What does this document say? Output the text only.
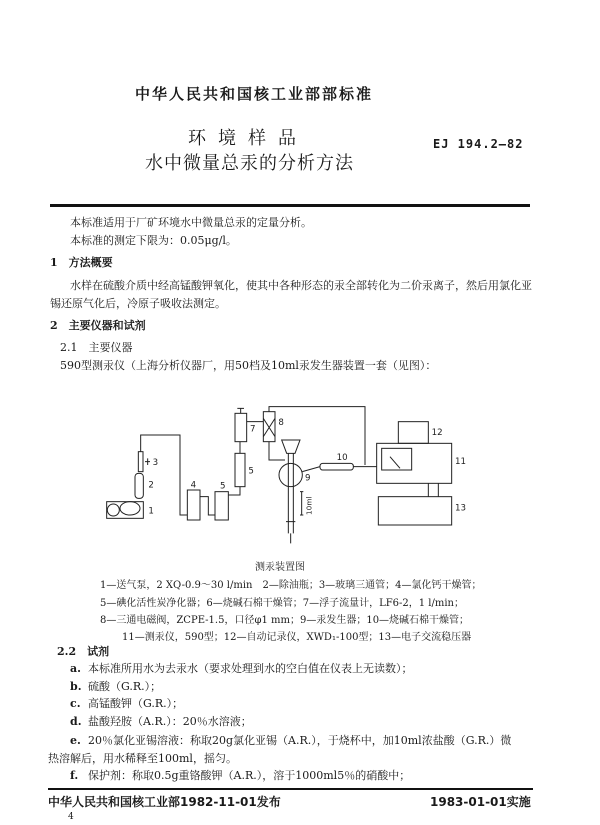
中华人民共和国核工业部部标准
环境样品
水中微量总汞的分析方法
EJ 194.2—82
本标准适用于厂矿环境水中微量总汞的定量分析。
本标准的测定下限为：0.05μg/l。
1　方法概要
水样在硫酸介质中经高锰酸钾氧化，使其中各种形态的汞全部转化为二价汞离子，然后用氯化亚
锡还原气化后，冷原子吸收法测定。
2　主要仪器和试剂
2.1　主要仪器
590型测汞仪（上海分析仪器厂，用50档及10ml汞发生器装置一套（见图）：
1
2
3
4 5
5
7
8
9
10	11
12
13
10ml
测汞装置图
1—送气泵，2 XQ-0.9～30 l/min　2—除油瓶；3—玻璃三通管；4—氯化钙干燥管；
5—碘化活性炭净化器；6—烧碱石棉干燥管；7—浮子流量计，LF6-2，1 l/min；
8—三通电磁阀，ZCPE-1.5，口径φ1 mm；9—汞发生器；10—烧碱石棉干燥管；
11—测汞仪，590型；12—自动记录仪，XWD₁-100型；13—电子交流稳压器
2.2　试剂
a. 本标准所用水为去汞水（要求处理到水的空白值在仪表上无读数）；
b. 硫酸（G.R.）；
c. 高锰酸钾（G.R.）；
d. 盐酸羟胺（A.R.）：20％水溶液；
e. 20％氯化亚锡溶液：称取20g氯化亚锡（A.R.），于烧杯中，加10ml浓盐酸（G.R.）微
热溶解后，用水稀释至100ml，摇匀。
f. 保护剂：称取0.5g重铬酸钾（A.R.），溶于1000ml5％的硝酸中；
中华人民共和国核工业部1982-11-01发布	1983-01-01实施
4
